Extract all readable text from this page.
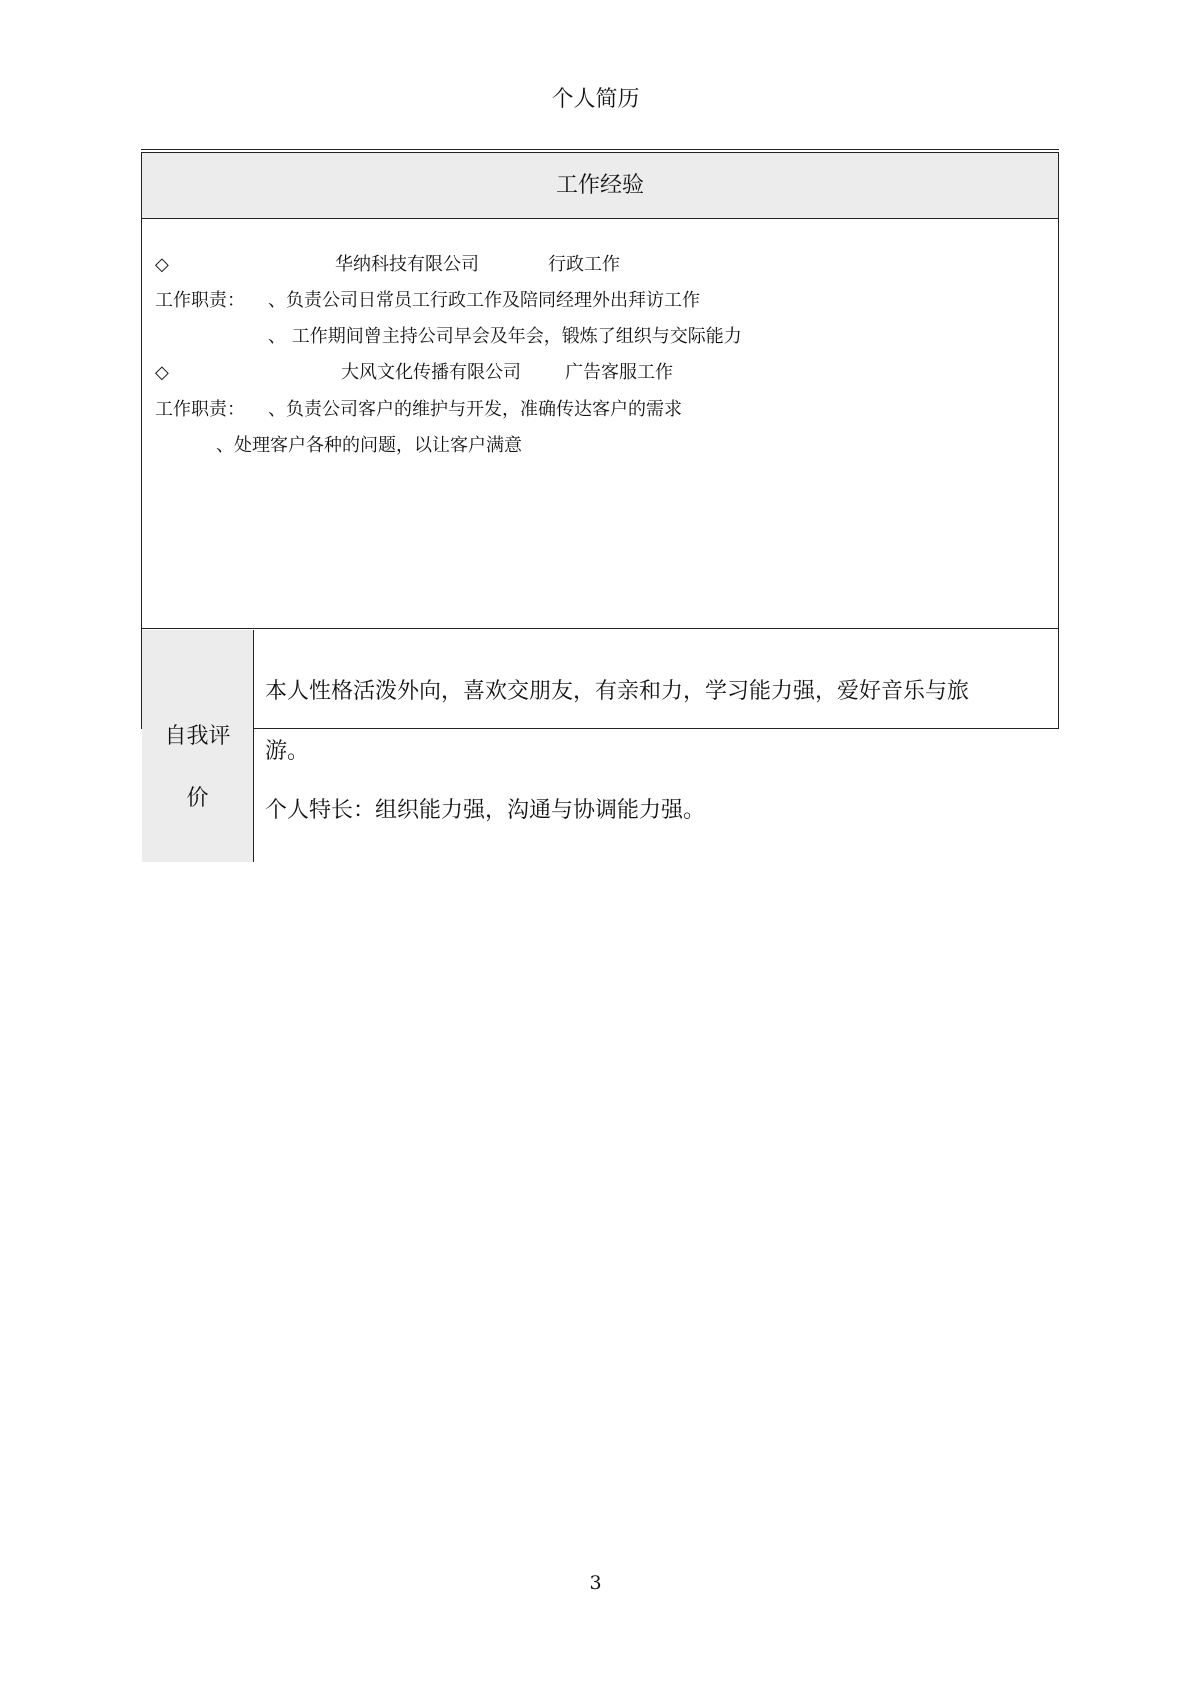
个人简历
工作经验
◇	华纳科技有限公司	行政工作
工作职责： 、负责公司日常员工行政工作及陪同经理外出拜访工作
、 工作期间曾主持公司早会及年会，锻炼了组织与交际能力
◇	大风文化传播有限公司 广告客服工作
工作职责： 、负责公司客户的维护与开发，准确传达客户的需求
、处理客户各种的问题，以让客户满意
自我评
价
本人性格活泼外向，喜欢交朋友，有亲和力，学习能力强，爱好音乐与旅
游。
个人特长：组织能力强，沟通与协调能力强。
3
